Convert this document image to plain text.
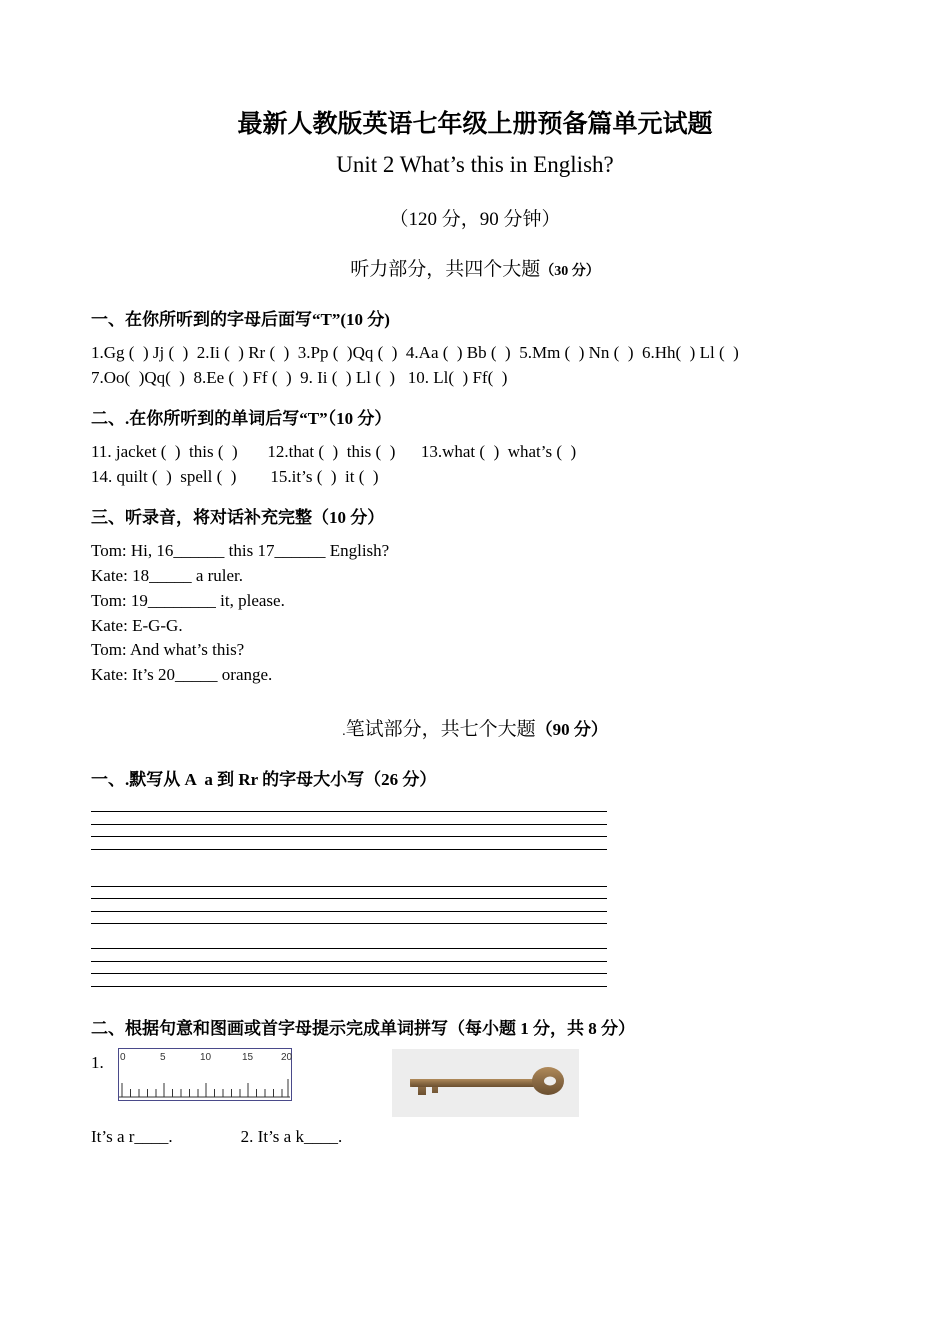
最新人教版英语七年级上册预备篇单元试题
Unit 2 What’s this in English?
（120 分，90 分钟）
听力部分，共四个大题（30 分）
一、在你所听到的字母后面写“T”(10 分)
1.Gg (  ) Jj (  )  2.Ii (  ) Rr (  )  3.Pp (  )Qq (  )  4.Aa (  ) Bb (  )  5.Mm (  ) Nn (  )  6.Hh(  ) Ll (  )
7.Oo(  )Qq(  )  8.Ee (  ) Ff (  )  9. Ii (  ) Ll (  )   10. Ll(  ) Ff(  )
二、.在你所听到的单词后写“T”（10 分）
11. jacket (  )  this (  )       12.that (  )  this (  )      13.what (  )  what’s (  )
14. quilt (  )  spell (  )        15.it’s (  )  it (  )
三、听录音，将对话补充完整（10 分）
Tom: Hi, 16______ this 17______ English?
Kate: 18_____ a ruler.
Tom: 19________ it, please.
Kate: E-G-G.
Tom: And what’s this?
Kate: It’s 20_____ orange.
.笔试部分，共七个大题（90 分）
一、.默写从 A  a 到 Rr 的字母大小写（26 分）
二、根据句意和图画或首字母提示完成单词拼写（每小题 1 分，共 8 分）
1. 0	5	10	15	20
It’s a r____.                2. It’s a k____.
